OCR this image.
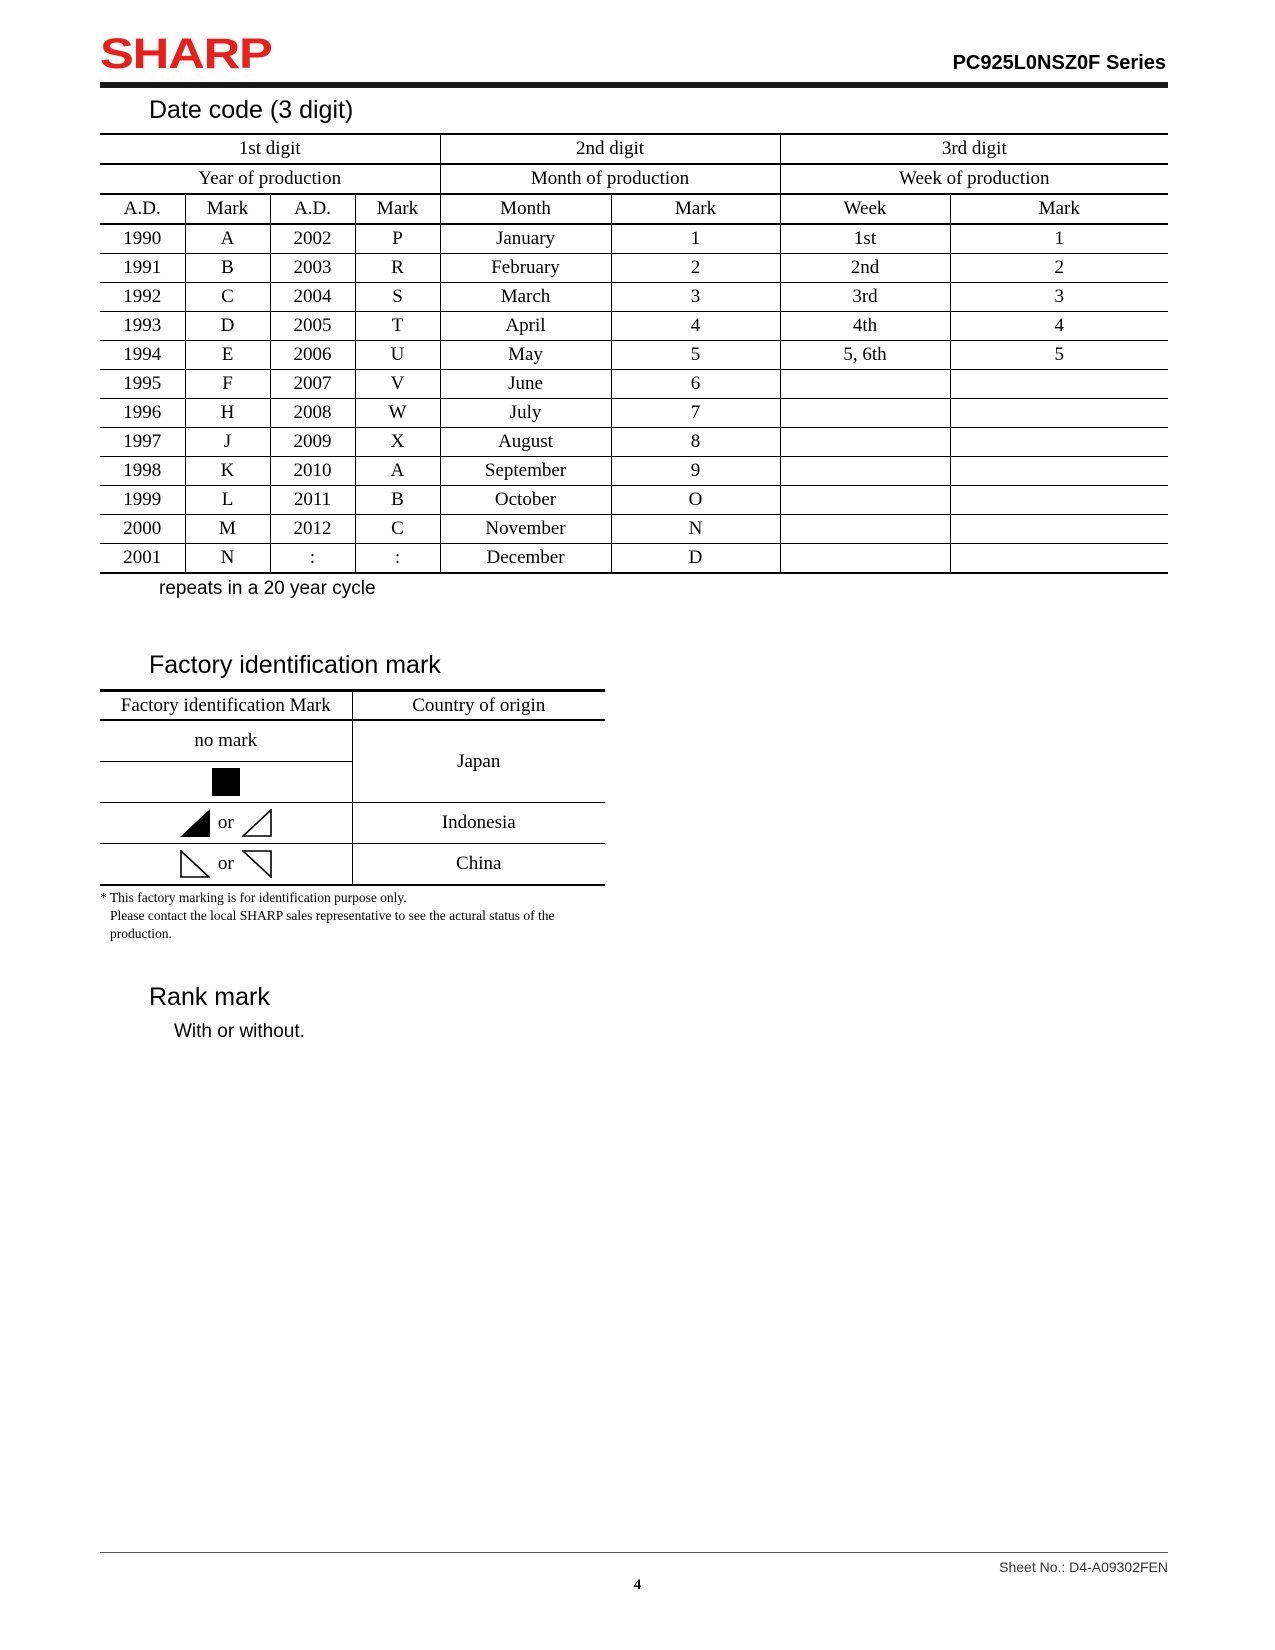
SHARP	PC925L0NSZ0F Series
Date code (3 digit)
1st digit				2nd digit		3rd digit	
Year of production				Month of production		Week of production	
A.D.	Mark	A.D.	Mark	Month	Mark	Week	Mark
1990	A	2002	P	January	1	1st	1
1991	B	2003	R	February	2	2nd	2
1992	C	2004	S	March	3	3rd	3
1993	D	2005	T	April	4	4th	4
1994	E	2006	U	May	5	5, 6th	5
1995	F	2007	V	June	6		
1996	H	2008	W	July	7		
1997	J	2009	X	August	8		
1998	K	2010	A	September	9		
1999	L	2011	B	October	O		
2000	M	2012	C	November	N		
2001	N	:	:	December	D		
repeats in a 20 year cycle
Factory identification mark
Factory identification Mark	Country of origin
no mark	Japan

or	Indonesia
or	China
* This factory marking is for identification purpose only.
Please contact the local SHARP sales representative to see the actural status of the production.
Rank mark
With or without.
Sheet No.: D4-A09302FEN
4
